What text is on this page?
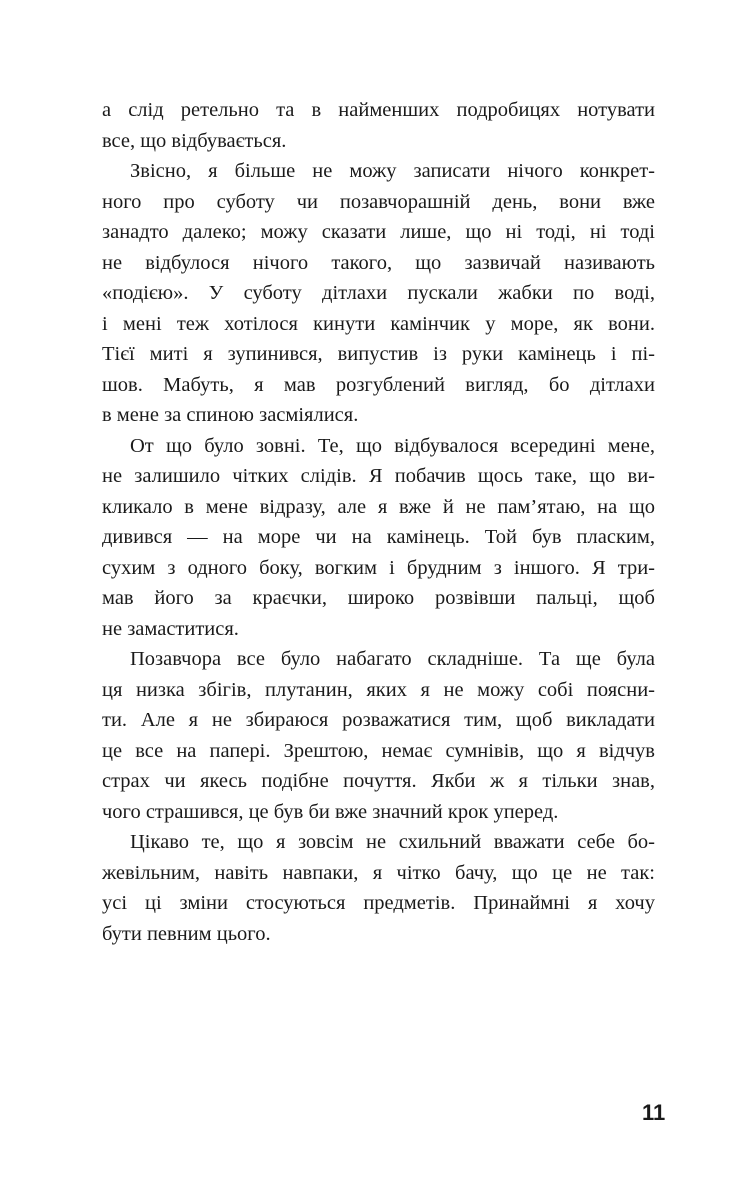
а слід ретельно та в найменших подробицях нотувати
все, що відбувається.
Звісно, я більше не можу записати нічого конкрет-
ного про суботу чи позавчорашній день, вони вже
занадто далеко; можу сказати лише, що ні тоді, ні тоді
не відбулося нічого такого, що зазвичай називають
«подією». У суботу дітлахи пускали жабки по воді,
і мені теж хотілося кинути камінчик у море, як вони.
Тієї миті я зупинився, випустив із руки камінець і пі-
шов. Мабуть, я мав розгублений вигляд, бо дітлахи
в мене за спиною засміялися.
От що було зовні. Те, що відбувалося всередині мене,
не залишило чітких слідів. Я побачив щось таке, що ви-
кликало в мене відразу, але я вже й не пам’ятаю, на що
дивився — на море чи на камінець. Той був пласким,
сухим з одного боку, вогким і брудним з іншого. Я три-
мав його за краєчки, широко розвівши пальці, щоб
не замаститися.
Позавчора все було набагато складніше. Та ще була
ця низка збігів, плутанин, яких я не можу собі поясни-
ти. Але я не збираюся розважатися тим, щоб викладати
це все на папері. Зрештою, немає сумнівів, що я відчув
страх чи якесь подібне почуття. Якби ж я тільки знав,
чого страшився, це був би вже значний крок уперед.
Цікаво те, що я зовсім не схильний вважати себе бо-
жевільним, навіть навпаки, я чітко бачу, що це не так:
усі ці зміни стосуються предметів. Принаймні я хочу
бути певним цього.
11
